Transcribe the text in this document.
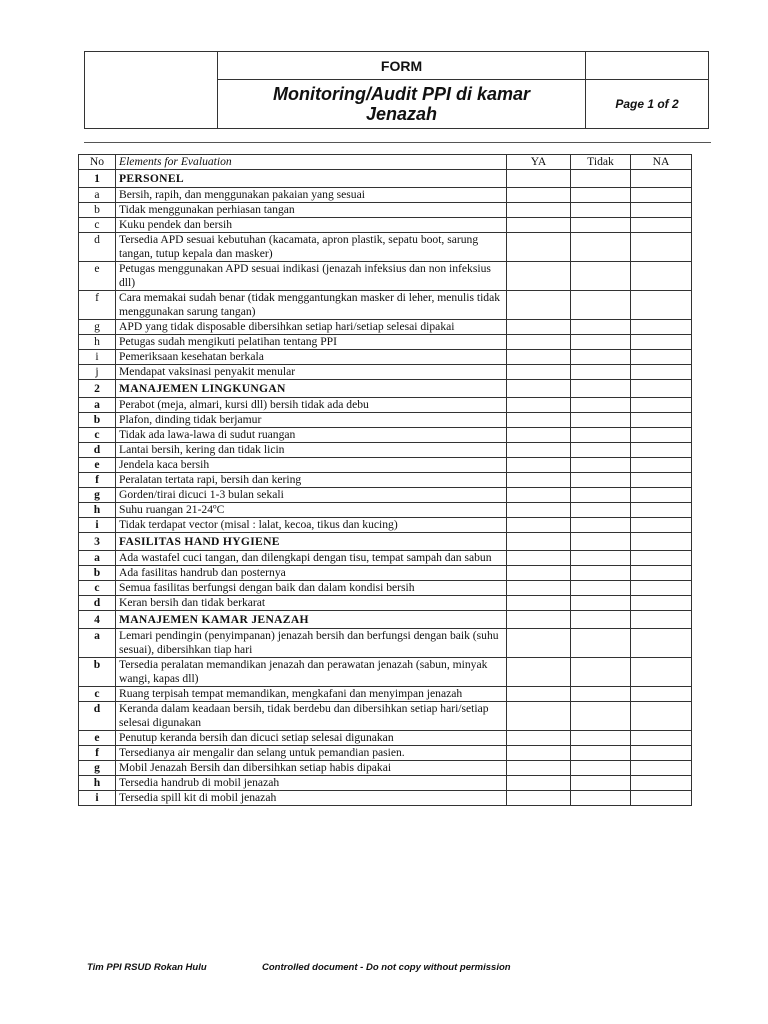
	FORM	

	Monitoring/Audit PPI di kamar
Jenazah	Page 1 of 2
No	Elements for Evaluation	YA	Tidak	NA
1	PERSONEL			
a	Bersih, rapih, dan menggunakan pakaian yang sesuai			
b	Tidak menggunakan perhiasan tangan			
c	Kuku pendek dan bersih			
d	Tersedia APD sesuai kebutuhan (kacamata, apron plastik, sepatu boot, sarung tangan, tutup kepala dan masker)			
e	Petugas menggunakan APD sesuai indikasi (jenazah infeksius dan non infeksius dll)			
f	Cara memakai sudah benar (tidak menggantungkan masker di leher, menulis tidak menggunakan sarung tangan)			
g	APD yang tidak disposable dibersihkan setiap hari/setiap selesai dipakai			
h	Petugas sudah mengikuti pelatihan tentang PPI			
i	Pemeriksaan kesehatan berkala			
j	Mendapat vaksinasi penyakit menular			
2	MANAJEMEN LINGKUNGAN			
a	Perabot (meja, almari, kursi dll) bersih tidak ada debu			
b	Plafon, dinding tidak berjamur			
c	Tidak ada lawa-lawa di sudut ruangan			
d	Lantai bersih, kering dan tidak licin			
e	Jendela kaca bersih			
f	Peralatan tertata rapi, bersih dan kering			
g	Gorden/tirai dicuci 1-3 bulan sekali			
h	Suhu ruangan 21-24ºC			
i	Tidak terdapat vector (misal : lalat, kecoa, tikus dan kucing)			
3	FASILITAS HAND HYGIENE			
a	Ada wastafel cuci tangan, dan dilengkapi dengan tisu, tempat sampah dan sabun			
b	Ada fasilitas handrub dan posternya			
c	Semua fasilitas berfungsi dengan baik dan dalam kondisi bersih			
d	Keran bersih dan tidak berkarat			
4	MANAJEMEN KAMAR JENAZAH			
a	Lemari pendingin (penyimpanan) jenazah bersih dan berfungsi dengan baik (suhu sesuai), dibersihkan tiap hari			
b	Tersedia peralatan memandikan jenazah dan perawatan jenazah (sabun, minyak wangi, kapas dll)			
c	Ruang terpisah tempat memandikan, mengkafani dan menyimpan jenazah			
d	Keranda dalam keadaan bersih, tidak berdebu dan dibersihkan setiap hari/setiap selesai digunakan			
e	Penutup keranda bersih dan dicuci setiap selesai digunakan			
f	Tersedianya air mengalir dan selang untuk pemandian pasien.			
g	Mobil Jenazah Bersih dan dibersihkan setiap habis dipakai			
h	Tersedia handrub di mobil jenazah			
i	Tersedia spill kit di mobil jenazah			
Tim PPI RSUD Rokan Hulu	Controlled document - Do not copy without permission
